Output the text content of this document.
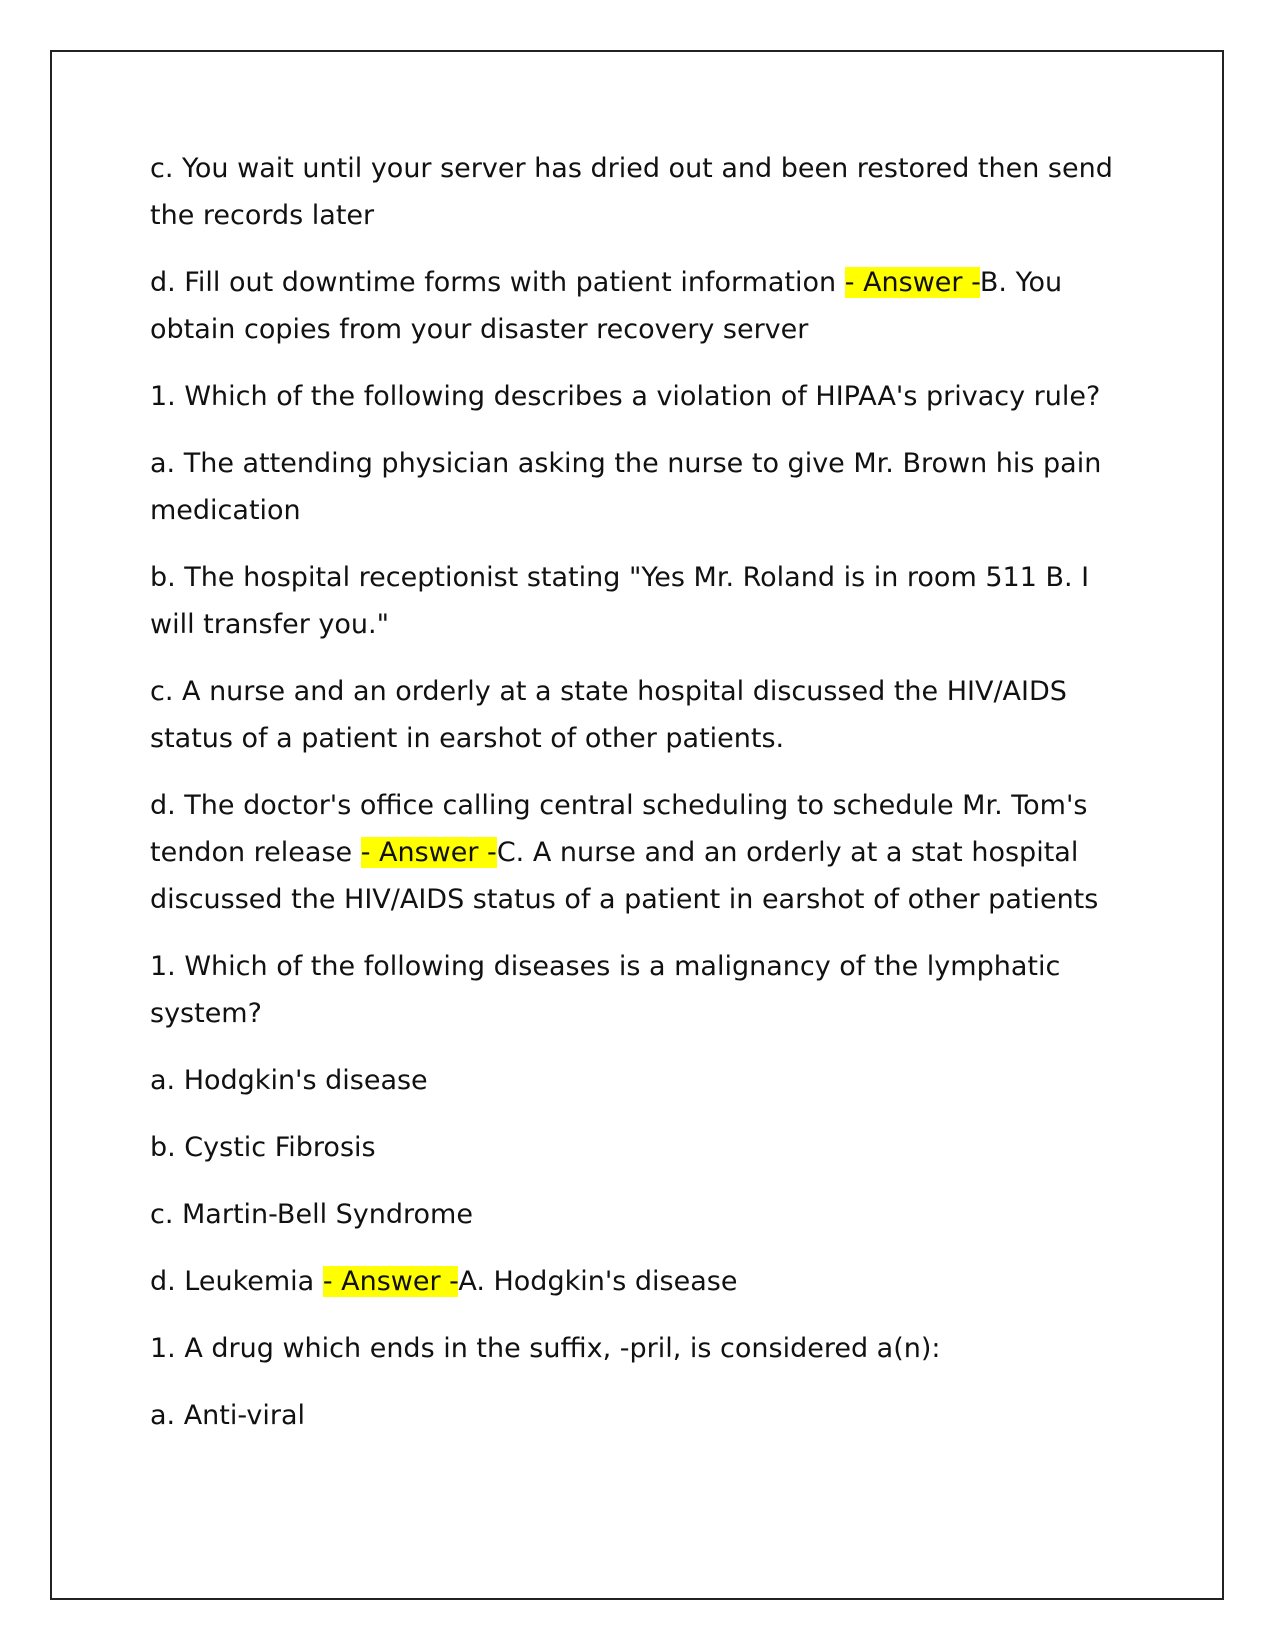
c. You wait until your server has dried out and been restored then send the records later

d. Fill out downtime forms with patient information - Answer -B. You obtain copies from your disaster recovery server

1. Which of the following describes a violation of HIPAA's privacy rule?

a. The attending physician asking the nurse to give Mr. Brown his pain medication

b. The hospital receptionist stating "Yes Mr. Roland is in room 511 B. I will transfer you."

c. A nurse and an orderly at a state hospital discussed the HIV/AIDS status of a patient in earshot of other patients.

d. The doctor's office calling central scheduling to schedule Mr. Tom's tendon release - Answer -C. A nurse and an orderly at a stat hospital discussed the HIV/AIDS status of a patient in earshot of other patients

1. Which of the following diseases is a malignancy of the lymphatic system?

a. Hodgkin's disease

b. Cystic Fibrosis

c. Martin-Bell Syndrome

d. Leukemia - Answer -A. Hodgkin's disease

1. A drug which ends in the suffix, -pril, is considered a(n):

a. Anti-viral
